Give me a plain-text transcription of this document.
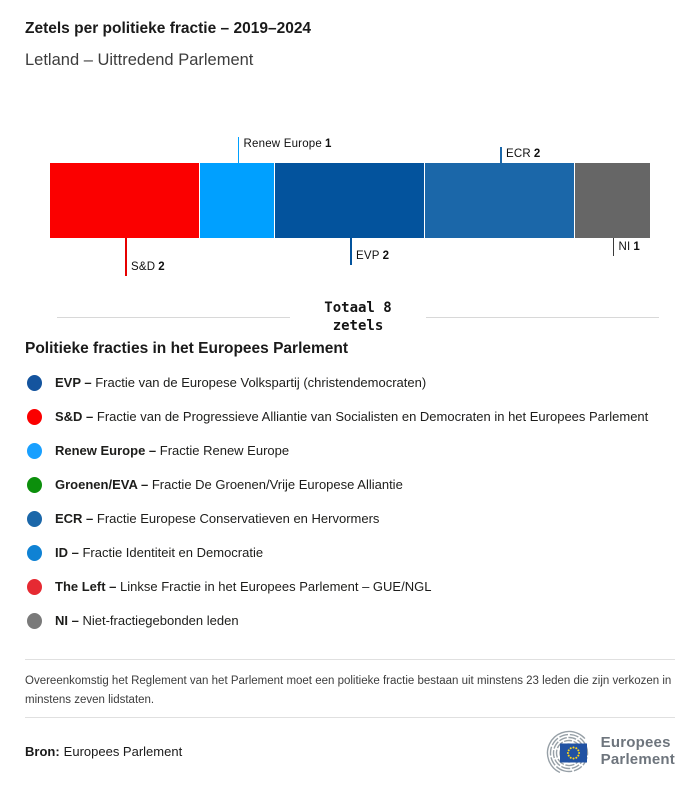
Zetels per politieke fractie – 2019–2024
Letland – Uittredend Parlement
S&D 2
Renew Europe 1
EVP 2
ECR 2
NI 1
Totaal 8
zetels
Politieke fracties in het Europees Parlement
EVP – Fractie van de Europese Volkspartij (christendemocraten)
S&D – Fractie van de Progressieve Alliantie van Socialisten en Democraten in het Europees Parlement
Renew Europe – Fractie Renew Europe
Groenen/EVA – Fractie De Groenen/Vrije Europese Alliantie
ECR – Fractie Europese Conservatieven en Hervormers
ID – Fractie Identiteit en Democratie
The Left – Linkse Fractie in het Europees Parlement – GUE/NGL
NI – Niet-fractiegebonden leden
Overeenkomstig het Reglement van het Parlement moet een politieke fractie bestaan uit minstens 23 leden die zijn verkozen in minstens zeven lidstaten.
Bron: Europees Parlement	Europees
Parlement
